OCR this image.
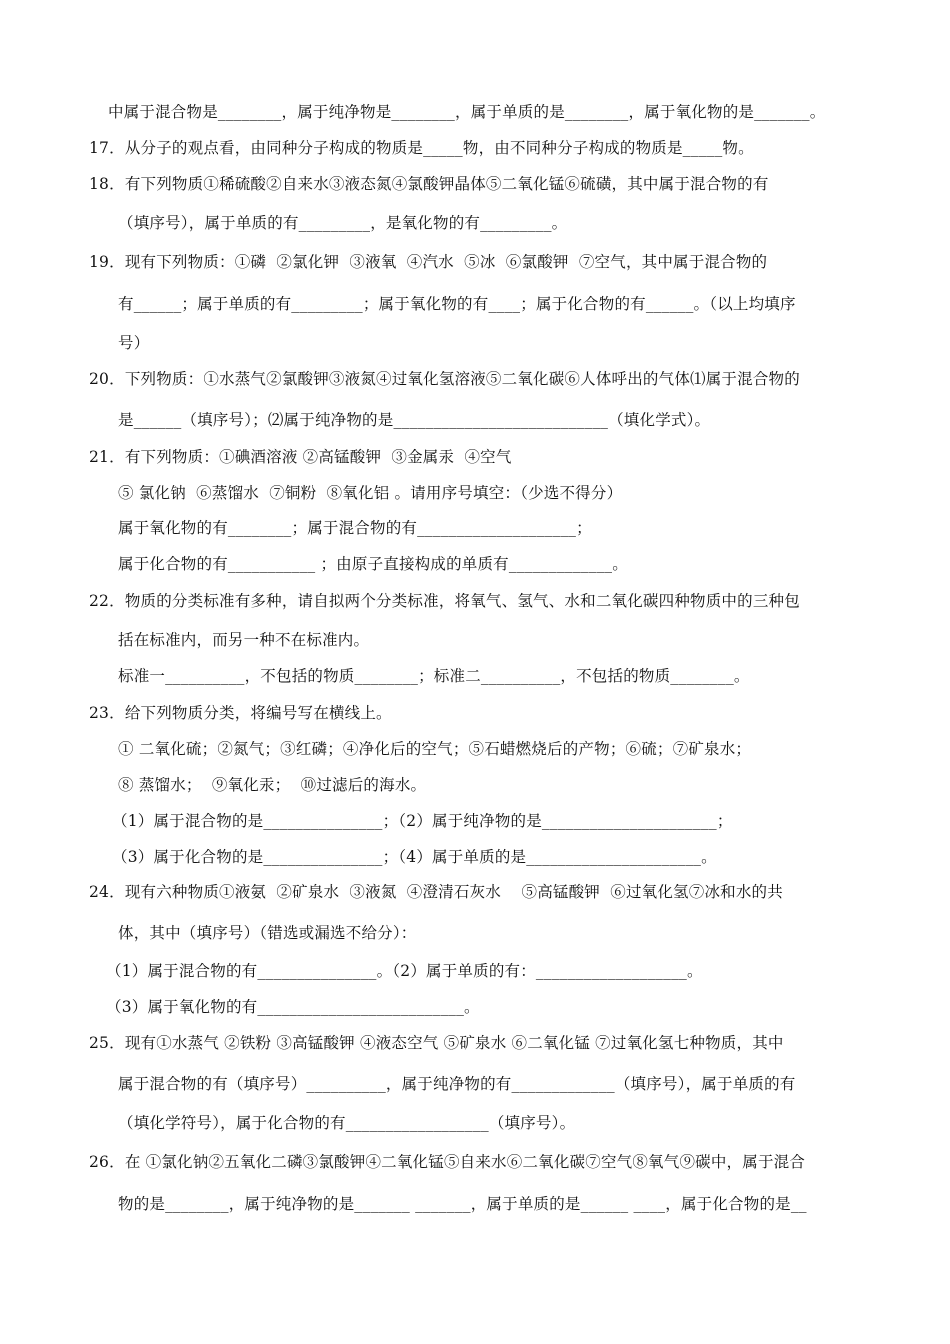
中属于混合物是________，属于纯净物是________，属于单质的是________，属于氧化物的是_______。
17．从分子的观点看，由同种分子构成的物质是_____物，由不同种分子构成的物质是_____物。
18．有下列物质①稀硫酸②自来水③液态氮④氯酸钾晶体⑤二氧化锰⑥硫磺，其中属于混合物的有
（填序号），属于单质的有_________，是氧化物的有_________。
19．现有下列物质：①磷  ②氯化钾  ③液氧  ④汽水  ⑤冰  ⑥氯酸钾  ⑦空气，其中属于混合物的
有______；属于单质的有_________；属于氧化物的有____；属于化合物的有______。（以上均填序
号）
20．下列物质：①水蒸气②氯酸钾③液氮④过氧化氢溶液⑤二氧化碳⑥人体呼出的气体⑴属于混合物的
是______（填序号）；⑵属于纯净物的是___________________________（填化学式）。
21．有下列物质：①碘酒溶液 ②高锰酸钾  ③金属汞  ④空气
⑤ 氯化钠  ⑥蒸馏水  ⑦铜粉  ⑧氧化铝 。请用序号填空：（少选不得分）
属于氧化物的有________；属于混合物的有____________________；
属于化合物的有___________ ；由原子直接构成的单质有_____________。
22．物质的分类标准有多种，请自拟两个分类标准，将氧气、氢气、水和二氧化碳四种物质中的三种包
括在标准内，而另一种不在标准内。
标准一__________，不包括的物质________；标准二__________，不包括的物质________。
23．给下列物质分类，将编号写在横线上。
① 二氧化硫；②氮气；③红磷；④净化后的空气；⑤石蜡燃烧后的产物；⑥硫；⑦矿泉水；
⑧ 蒸馏水；  ⑨氧化汞；  ⑩过滤后的海水。
（1）属于混合物的是_______________；（2）属于纯净物的是______________________；
（3）属于化合物的是_______________；（4）属于单质的是______________________。
24．现有六种物质①液氨  ②矿泉水  ③液氮  ④澄清石灰水    ⑤高锰酸钾  ⑥过氧化氢⑦冰和水的共
体，其中（填序号）（错选或漏选不给分）：
（1）属于混合物的有_______________。（2）属于单质的有：___________________。
（3）属于氧化物的有__________________________。
25．现有①水蒸气 ②铁粉 ③高锰酸钾 ④液态空气 ⑤矿泉水 ⑥二氧化锰 ⑦过氧化氢七种物质，其中
属于混合物的有（填序号）__________，属于纯净物的有_____________（填序号），属于单质的有
（填化学符号），属于化合物的有__________________（填序号）。
26．在 ①氯化钠②五氧化二磷③氯酸钾④二氧化锰⑤自来水⑥二氧化碳⑦空气⑧氧气⑨碳中，属于混合
物的是________，属于纯净物的是_______ _______，属于单质的是______ ____，属于化合物的是__
